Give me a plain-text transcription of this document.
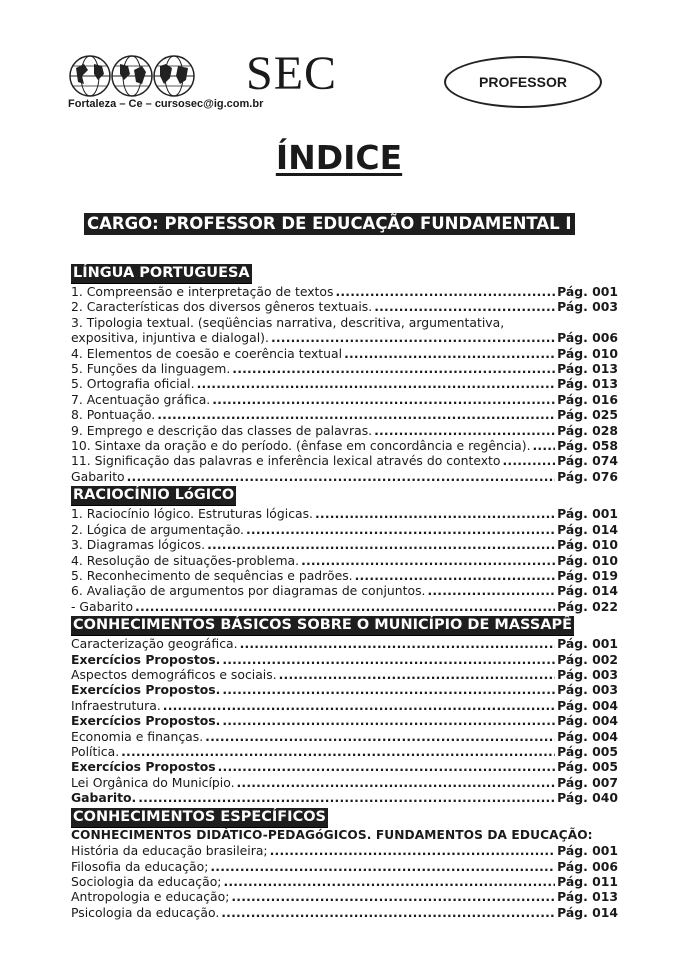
SEC
Fortaleza – Ce – cursosec@ig.com.br
PROFESSOR
ÍNDICE
CARGO: PROFESSOR DE EDUCAÇÃO FUNDAMENTAL I
LÍNGUA PORTUGUESA
1. Compreensão e interpretação de textos .....	Pág. 001
2. Características dos diversos gêneros textuais. .....	Pág. 003
3. Tipologia textual. (seqüências narrativa, descritiva, argumentativa,
expositiva, injuntiva e dialogal). .....	Pág. 006
4. Elementos de coesão e coerência textual .....	Pág. 010
5. Funções da linguagem. .....	Pág. 013
5. Ortografia oficial. .....	Pág. 013
7. Acentuação gráfica. .....	Pág. 016
8. Pontuação. .....	Pág. 025
9. Emprego e descrição das classes de palavras. .....	Pág. 028
10. Sintaxe da oração e do período. (ênfase em concordância e regência). ..... Pág. 058
11. Significação das palavras e inferência lexical através do contexto .....	Pág. 074
Gabarito .....	Pág. 076
RACIOCÍNIO LóGICO
1. Raciocínio lógico. Estruturas lógicas. .....	Pág. 001
2. Lógica de argumentação. .....	Pág. 014
3. Diagramas lógicos. .....	Pág. 010
4. Resolução de situações-problema. .....	Pág. 010
5. Reconhecimento de sequências e padrões. .....	Pág. 019
6. Avaliação de argumentos por diagramas de conjuntos. .....	Pág. 014
- Gabarito .....	Pág. 022
CONHECIMENTOS BÁSICOS SOBRE O MUNICÍPIO DE MASSAPÊ
Caracterização geográfica. .....	Pág. 001
Exercícios Propostos. .....	Pág. 002
Aspectos demográficos e sociais. .....	Pág. 003
Exercícios Propostos. .....	Pág. 003
Infraestrutura. .....	Pág. 004
Exercícios Propostos. .....	Pág. 004
Economia e finanças. .....	Pág. 004
Política. .....	Pág. 005
Exercícios Propostos .....	Pág. 005
Lei Orgânica do Município. .....	Pág. 007
Gabarito. .....	Pág. 040
CONHECIMENTOS ESPECÍFICOS
CONHECIMENTOS DIDÁTICO-PEDAGóGICOS. FUNDAMENTOS DA EDUCAÇÃO:
História da educação brasileira; .....	Pág. 001
Filosofia da educação; .....	Pág. 006
Sociologia da educação; .....	Pág. 011
Antropologia e educação; .....	Pág. 013
Psicologia da educação. .....	Pág. 014
